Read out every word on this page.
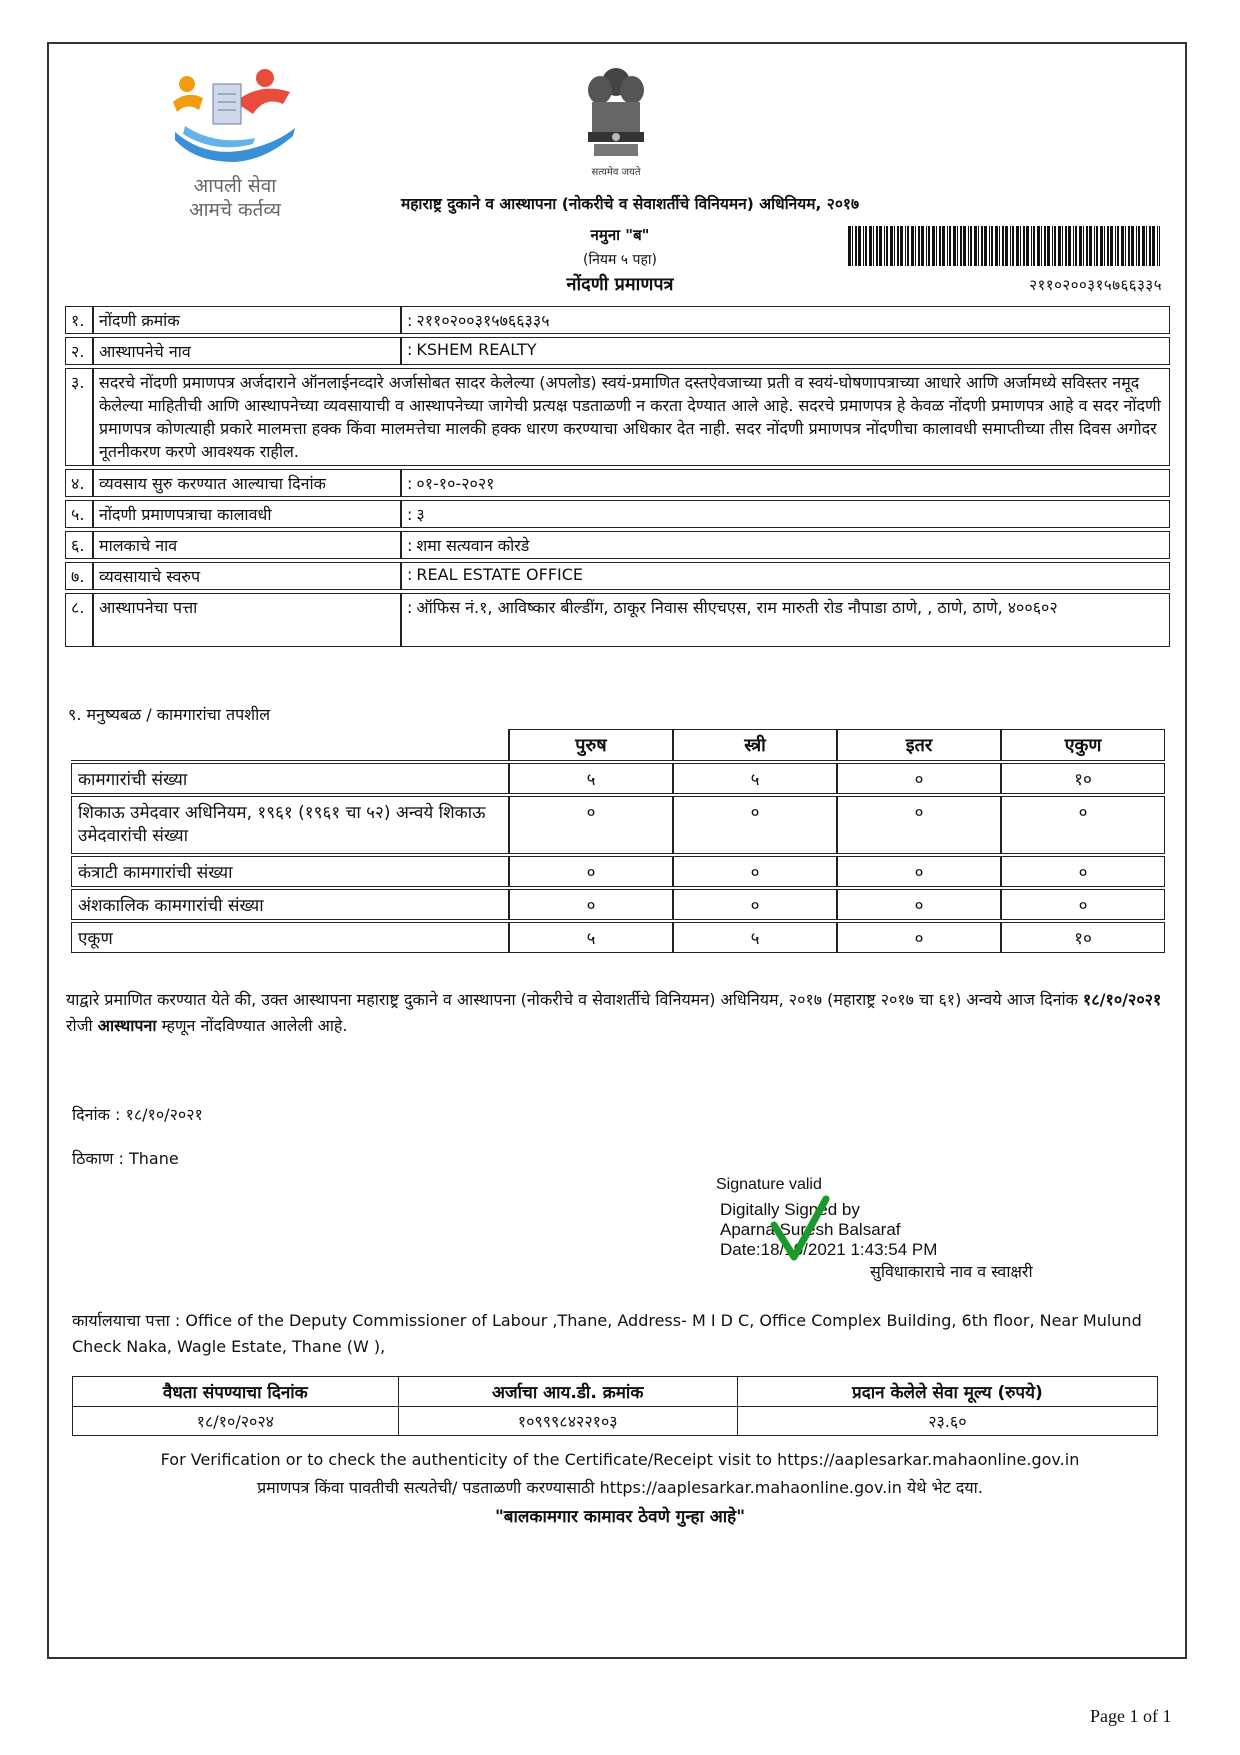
आपली सेवा
आमचे कर्तव्य
सत्यमेव जयते
महाराष्ट्र दुकाने व आस्थापना (नोकरीचे व सेवाशर्तीचे विनियमन) अधिनियम, २०१७
नमुना "ब"
(नियम ५ पहा)
नोंदणी प्रमाणपत्र	२११०२००३१५७६६३३५
१.	नोंदणी क्रमांक	: २११०२००३१५७६६३३५
२.	आस्थापनेचे नाव	: KSHEM REALTY
३.	सदरचे नोंदणी प्रमाणपत्र अर्जदाराने ऑनलाईनव्दारे अर्जासोबत सादर केलेल्या (अपलोड) स्वयं-प्रमाणित दस्तऐवजाच्या प्रती व स्वयं-घोषणापत्राच्या आधारे आणि अर्जामध्ये सविस्तर नमूद केलेल्या माहितीची आणि आस्थापनेच्या व्यवसायाची व आस्थापनेच्या जागेची प्रत्यक्ष पडताळणी न करता देण्यात आले आहे. सदरचे प्रमाणपत्र हे केवळ नोंदणी प्रमाणपत्र आहे व सदर नोंदणी प्रमाणपत्र कोणत्याही प्रकारे मालमत्ता हक्क किंवा मालमत्तेचा मालकी हक्क धारण करण्याचा अधिकार देत नाही. सदर नोंदणी प्रमाणपत्र नोंदणीचा कालावधी समाप्तीच्या तीस दिवस अगोदर नूतनीकरण करणे आवश्यक राहील.	
४.	व्यवसाय सुरु करण्यात आल्याचा दिनांक	: ०१-१०-२०२१
५.	नोंदणी प्रमाणपत्राचा कालावधी	: ३
६.	मालकाचे नाव	: शमा सत्यवान कोरडे
७.	व्यवसायाचे स्वरुप	: REAL ESTATE OFFICE
८.	आस्थापनेचा पत्ता	: ऑफिस नं.१, आविष्कार बील्डींग, ठाकूर निवास सीएचएस, राम मारुती रोड नौपाडा ठाणे, , ठाणे, ठाणे, ४००६०२
९. मनुष्यबळ / कामगारांचा तपशील
	पुरुष	स्त्री	इतर	एकुण
कामगारांची संख्या	५	५	०	१०
शिकाऊ उमेदवार अधिनियम, १९६१ (१९६१ चा ५२) अन्वये शिकाऊ उमेदवारांची संख्या	०	०	०	०
कंत्राटी कामगारांची संख्या	०	०	०	०
अंशकालिक कामगारांची संख्या	०	०	०	०
एकूण	५	५	०	१०
याद्वारे प्रमाणित करण्यात येते की, उक्त आस्थापना महाराष्ट्र दुकाने व आस्थापना (नोकरीचे व सेवाशर्तीचे विनियमन) अधिनियम, २०१७ (महाराष्ट्र २०१७ चा ६१) अन्वये आज दिनांक १८/१०/२०२१ रोजी आस्थापना म्हणून नोंदविण्यात आलेली आहे.
दिनांक : १८/१०/२०२१
ठिकाण : Thane
Signature valid
Digitally Signed by
Aparna Suresh Balsaraf
Date:18/10/2021 1:43:54 PM
सुविधाकाराचे नाव व स्वाक्षरी
कार्यालयाचा पत्ता : Office of the Deputy Commissioner of Labour ,Thane, Address- M I D C, Office Complex Building, 6th floor, Near Mulund Check Naka, Wagle Estate, Thane (W ),
वैधता संपण्याचा दिनांक	अर्जाचा आय.डी. क्रमांक	प्रदान केलेले सेवा मूल्य (रुपये)
१८/१०/२०२४	१०९९९८४२२१०३	२३.६०
For Verification or to check the authenticity of the Certificate/Receipt visit to https://aaplesarkar.mahaonline.gov.in
प्रमाणपत्र किंवा पावतीची सत्यतेची/ पडताळणी करण्यासाठी https://aaplesarkar.mahaonline.gov.in येथे भेट दया.
"बालकामगार कामावर ठेवणे गुन्हा आहे"
Page 1 of 1
